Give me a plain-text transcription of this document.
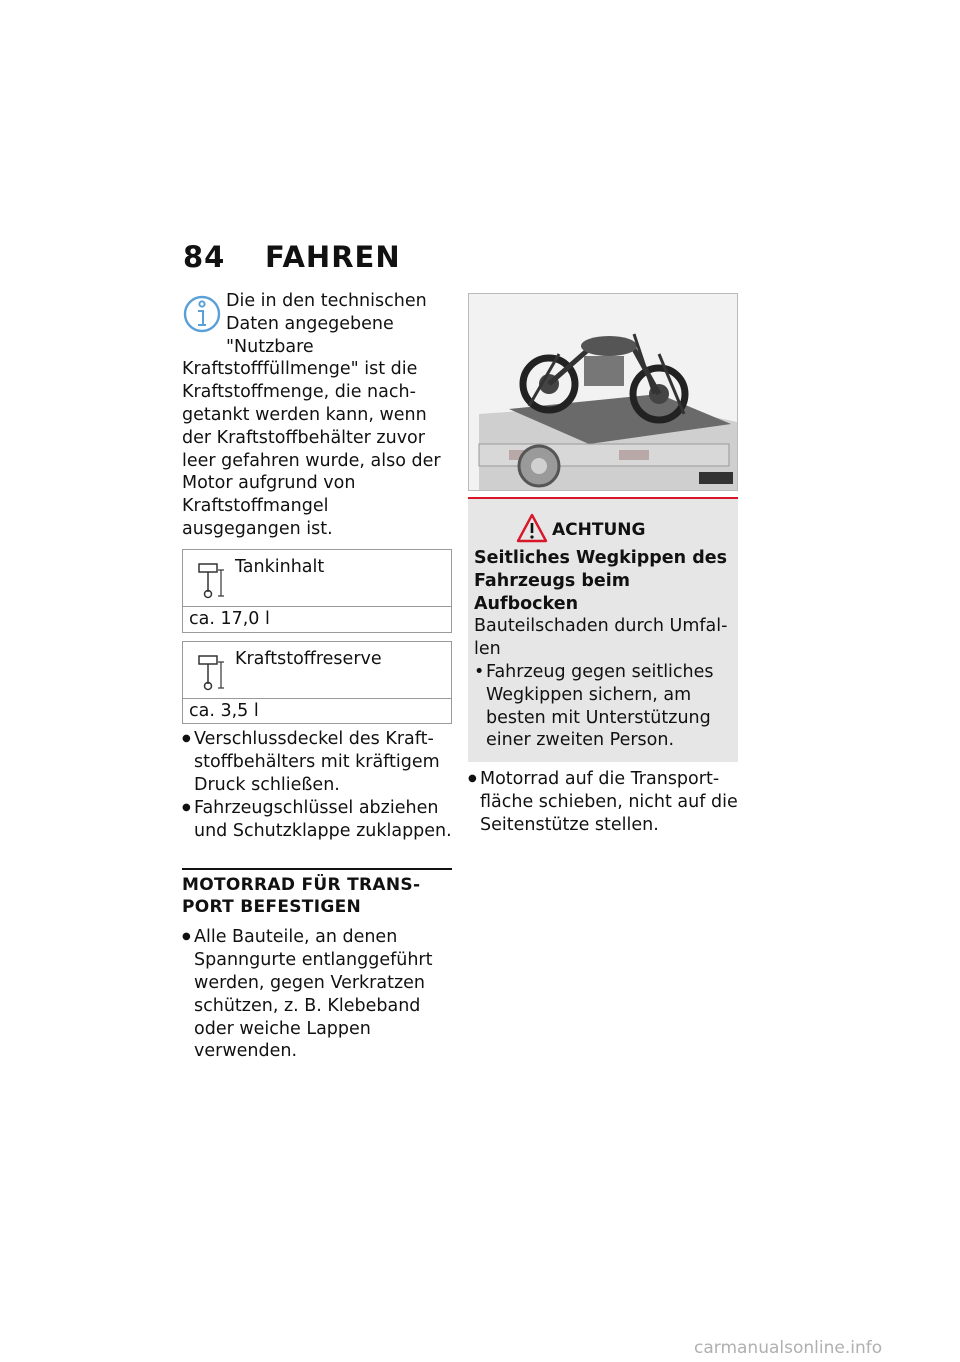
84 FAHREN

Die in den technischen Daten angegebene "Nutzbare Kraftstofffüllmenge" ist die Kraftstoffmenge, die nachgetankt werden kann, wenn der Kraftstoffbehälter zuvor leer gefahren wurde, also der Motor aufgrund von Kraftstoffmangel ausgegangen ist.

Tankinhalt
ca. 17,0 l
Kraftstoffreserve
ca. 3,5 l
● Verschlussdeckel des Kraftstoffbehälters mit kräftigem Druck schließen.
● Fahrzeugschlüssel abziehen und Schutzklappe zuklappen.
MOTORRAD FÜR TRANSPORT BEFESTIGEN
● Alle Bauteile, an denen Spanngurte entlanggeführt werden, gegen Verkratzen schützen, z. B. Klebeband oder weiche Lappen verwenden.
ACHTUNG
Seitliches Wegkippen des Fahrzeugs beim Aufbocken
Bauteilschaden durch Umfallen
• Fahrzeug gegen seitliches Wegkippen sichern, am besten mit Unterstützung einer zweiten Person.
● Motorrad auf die Transportfläche schieben, nicht auf die Seitenstütze stellen.
carmanualsonline.info
